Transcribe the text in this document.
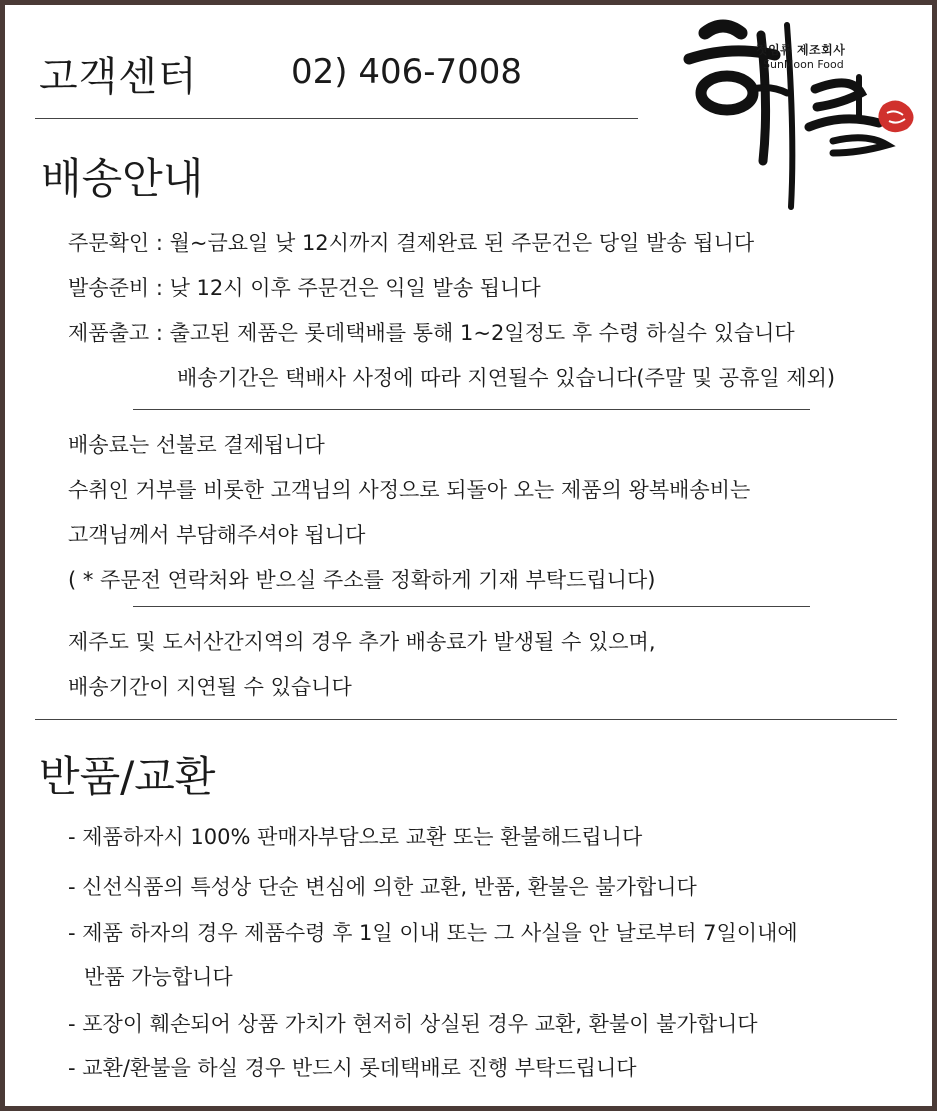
고객센터	02) 406-7008
젓임류 제조회사
SunMoon Food
배송안내
주문확인 : 월~금요일 낮 12시까지 결제완료 된 주문건은 당일 발송 됩니다
발송준비 : 낮 12시 이후 주문건은 익일 발송 됩니다
제품출고 : 출고된 제품은 롯데택배를 통해 1~2일정도 후 수령 하실수 있습니다
배송기간은 택배사 사정에 따라 지연될수 있습니다(주말 및 공휴일 제외)
배송료는 선불로 결제됩니다
수취인 거부를 비롯한 고객님의 사정으로 되돌아 오는 제품의 왕복배송비는
고객님께서 부담해주셔야 됩니다
( * 주문전 연락처와 받으실 주소를 정확하게 기재 부탁드립니다)
제주도 및 도서산간지역의 경우 추가 배송료가 발생될 수 있으며,
배송기간이 지연될 수 있습니다
반품/교환
- 제품하자시 100% 판매자부담으로 교환 또는 환불해드립니다
- 신선식품의 특성상 단순 변심에 의한 교환, 반품, 환불은 불가합니다
- 제품 하자의 경우 제품수령 후 1일 이내 또는 그 사실을 안 날로부터 7일이내에
반품 가능합니다
- 포장이 훼손되어 상품 가치가 현저히 상실된 경우 교환, 환불이 불가합니다
- 교환/환불을 하실 경우 반드시 롯데택배로 진행 부탁드립니다
